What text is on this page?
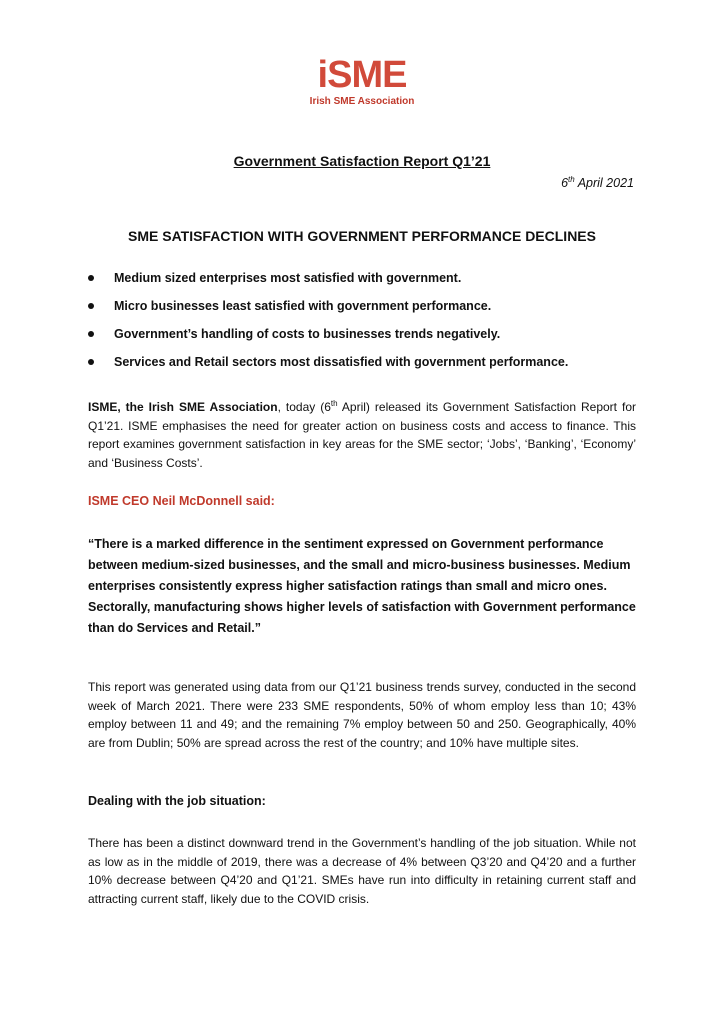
iSME
Irish SME Association
Government Satisfaction Report Q1’21
6th April 2021
SME SATISFACTION WITH GOVERNMENT PERFORMANCE DECLINES
Medium sized enterprises most satisfied with government.
Micro businesses least satisfied with government performance.
Government’s handling of costs to businesses trends negatively.
Services and Retail sectors most dissatisfied with government performance.

ISME, the Irish SME Association, today (6th April) released its Government Satisfaction Report for Q1’21. ISME emphasises the need for greater action on business costs and access to finance. This report examines government satisfaction in key areas for the SME sector; ‘Jobs’, ‘Banking’, ‘Economy’ and ‘Business Costs’.

ISME CEO Neil McDonnell said:

“There is a marked difference in the sentiment expressed on Government performance between medium-sized businesses, and the small and micro-business businesses. Medium enterprises consistently express higher satisfaction ratings than small and micro ones. Sectorally, manufacturing shows higher levels of satisfaction with Government performance than do Services and Retail.”

This report was generated using data from our Q1’21 business trends survey, conducted in the second week of March 2021. There were 233 SME respondents, 50% of whom employ less than 10; 43% employ between 11 and 49; and the remaining 7% employ between 50 and 250. Geographically, 40% are from Dublin; 50% are spread across the rest of the country; and 10% have multiple sites.

Dealing with the job situation:

There has been a distinct downward trend in the Government’s handling of the job situation. While not as low as in the middle of 2019, there was a decrease of 4% between Q3’20 and Q4’20 and a further 10% decrease between Q4’20 and Q1’21. SMEs have run into difficulty in retaining current staff and attracting current staff, likely due to the COVID crisis.
